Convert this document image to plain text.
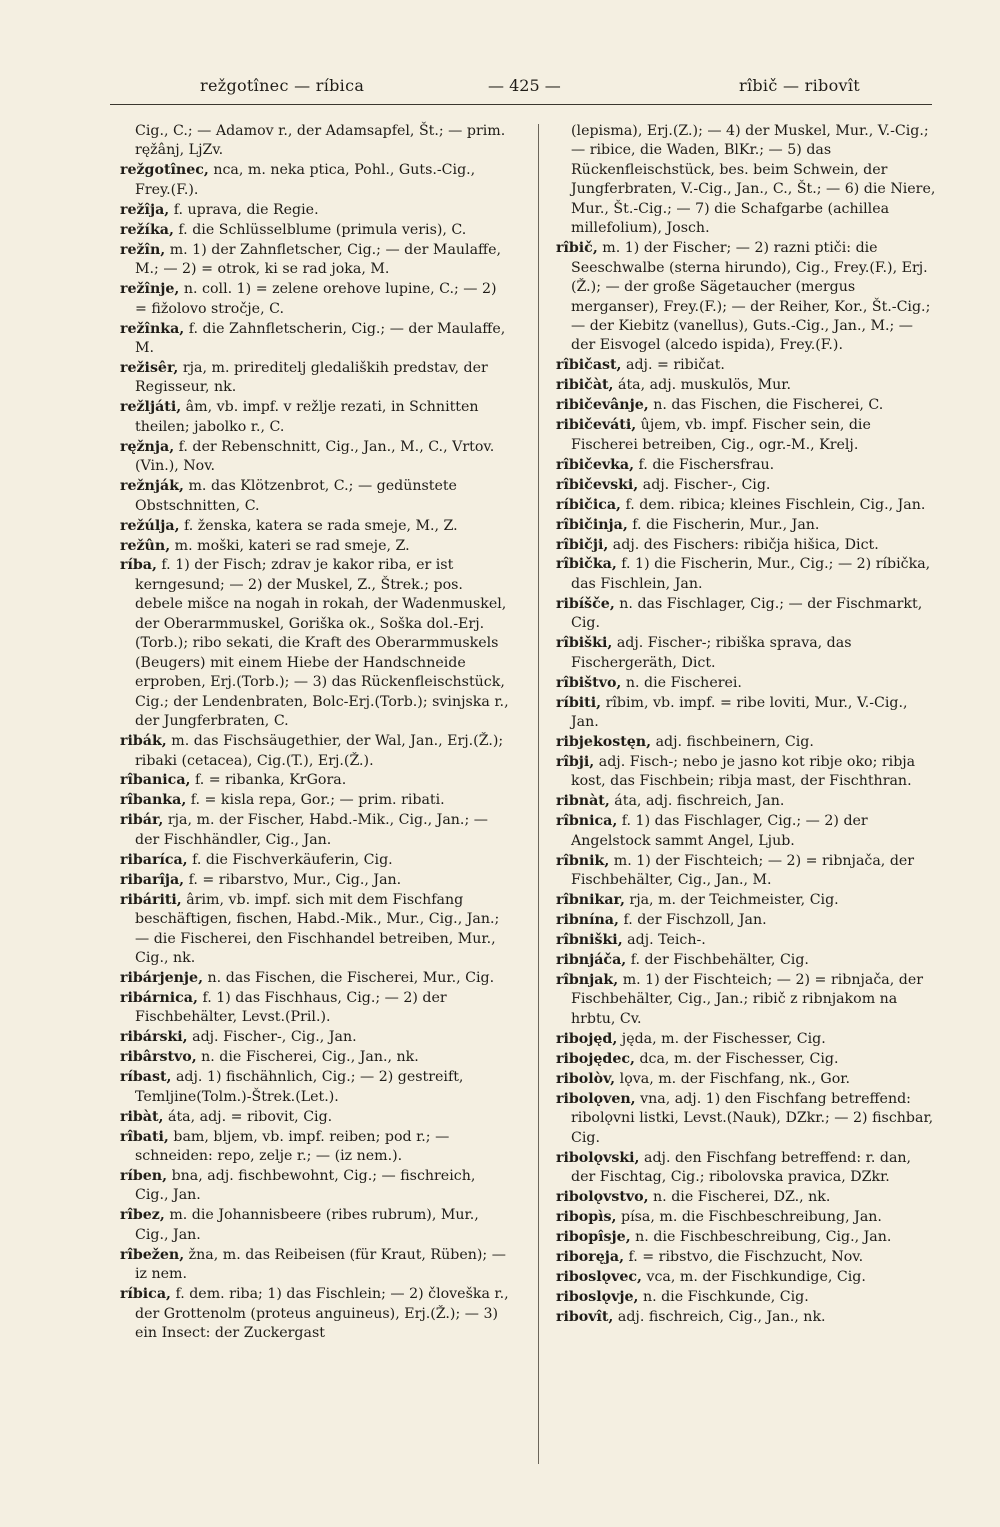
režgotînec — ríbica	— 425 —	rîbič — ribovît
Cig., C.; — Adamov r., der Adamsapfel, Št.; — prim. ręžânj, LjZv.
režgotînec, nca, m. neka ptica, Pohl., Guts.-Cig., Frey.(F.).
režîja, f. uprava, die Regie.
režíka, f. die Schlüsselblume (primula veris), C.
režîn, m. 1) der Zahnfletscher, Cig.; — der Maulaffe, M.; — 2) = otrok, ki se rad joka, M.
režînje, n. coll. 1) = zelene orehove lupine, C.; — 2) = fižolovo stročje, C.
režînka, f. die Zahnfletscherin, Cig.; — der Maulaffe, M.
režisêr, rja, m. prireditelj gledaliških predstav, der Regisseur, nk.
režljáti, âm, vb. impf. v režlje rezati, in Schnitten theilen; jabolko r., C.
ręžnja, f. der Rebenschnitt, Cig., Jan., M., C., Vrtov.(Vin.), Nov.
režnják, m. das Klötzenbrot, C.; — gedünstete Obstschnitten, C.
režúlja, f. ženska, katera se rada smeje, M., Z.
režûn, m. moški, kateri se rad smeje, Z.
ríba, f. 1) der Fisch; zdrav je kakor riba, er ist kerngesund; — 2) der Muskel, Z., Štrek.; pos. debele mišce na nogah in rokah, der Wadenmuskel, der Oberarmmuskel, Goriška ok., Soška dol.-Erj.(Torb.); ribo sekati, die Kraft des Oberarmmuskels (Beugers) mit einem Hiebe der Handschneide erproben, Erj.(Torb.); — 3) das Rückenfleischstück, Cig.; der Lendenbraten, Bolc-Erj.(Torb.); svinjska r., der Jungferbraten, C.
ribák, m. das Fischsäugethier, der Wal, Jan., Erj.(Ž.); ribaki (cetacea), Cig.(T.), Erj.(Ž.).
rîbanica, f. = ribanka, KrGora.
rîbanka, f. = kisla repa, Gor.; — prim. ribati.
ribár, rja, m. der Fischer, Habd.-Mik., Cig., Jan.; — der Fischhändler, Cig., Jan.
ribaríca, f. die Fischverkäuferin, Cig.
ribarîja, f. = ribarstvo, Mur., Cig., Jan.
ribáriti, ârim, vb. impf. sich mit dem Fischfang beschäftigen, fischen, Habd.-Mik., Mur., Cig., Jan.; — die Fischerei, den Fischhandel betreiben, Mur., Cig., nk.
ribárjenje, n. das Fischen, die Fischerei, Mur., Cig.
ribárnica, f. 1) das Fischhaus, Cig.; — 2) der Fischbehälter, Levst.(Pril.).
ribárski, adj. Fischer-, Cig., Jan.
ribârstvo, n. die Fischerei, Cig., Jan., nk.
ríbast, adj. 1) fischähnlich, Cig.; — 2) gestreift, Temljine(Tolm.)-Štrek.(Let.).
ribàt, áta, adj. = ribovit, Cig.
rîbati, bam, bljem, vb. impf. reiben; pod r.; — schneiden: repo, zelje r.; — (iz nem.).
ríben, bna, adj. fischbewohnt, Cig.; — fischreich, Cig., Jan.
rîbez, m. die Johannisbeere (ribes rubrum), Mur., Cig., Jan.
rîbežen, žna, m. das Reibeisen (für Kraut, Rüben); — iz nem.
ríbica, f. dem. riba; 1) das Fischlein; — 2) človeška r., der Grottenolm (proteus anguineus), Erj.(Ž.); — 3) ein Insect: der Zuckergast
(lepisma), Erj.(Z.); — 4) der Muskel, Mur., V.-Cig.; — ribice, die Waden, BlKr.; — 5) das Rückenfleischstück, bes. beim Schwein, der Jungferbraten, V.-Cig., Jan., C., Št.; — 6) die Niere, Mur., Št.-Cig.; — 7) die Schafgarbe (achillea millefolium), Josch.
rîbič, m. 1) der Fischer; — 2) razni ptiči: die Seeschwalbe (sterna hirundo), Cig., Frey.(F.), Erj.(Ž.); — der große Sägetaucher (mergus merganser), Frey.(F.); — der Reiher, Kor., Št.-Cig.; — der Kiebitz (vanellus), Guts.-Cig., Jan., M.; — der Eisvogel (alcedo ispida), Frey.(F.).
rîbičast, adj. = ribičat.
ribičàt, áta, adj. muskulös, Mur.
ribičevânje, n. das Fischen, die Fischerei, C.
ribičeváti, ûjem, vb. impf. Fischer sein, die Fischerei betreiben, Cig., ogr.-M., Krelj.
rîbičevka, f. die Fischersfrau.
rîbičevski, adj. Fischer-, Cig.
ríbičica, f. dem. ribica; kleines Fischlein, Cig., Jan.
rîbičinja, f. die Fischerin, Mur., Jan.
rîbičji, adj. des Fischers: ribičja hišica, Dict.
rîbička, f. 1) die Fischerin, Mur., Cig.; — 2) ríbička, das Fischlein, Jan.
ribíšče, n. das Fischlager, Cig.; — der Fischmarkt, Cig.
rîbiški, adj. Fischer-; ribiška sprava, das Fischergeräth, Dict.
rîbištvo, n. die Fischerei.
ríbiti, rîbim, vb. impf. = ribe loviti, Mur., V.-Cig., Jan.
ribjekostęn, adj. fischbeinern, Cig.
rîbji, adj. Fisch-; nebo je jasno kot ribje oko; ribja kost, das Fischbein; ribja mast, der Fischthran.
ribnàt, áta, adj. fischreich, Jan.
rîbnica, f. 1) das Fischlager, Cig.; — 2) der Angelstock sammt Angel, Ljub.
rîbnik, m. 1) der Fischteich; — 2) = ribnjača, der Fischbehälter, Cig., Jan., M.
rîbnikar, rja, m. der Teichmeister, Cig.
ribnína, f. der Fischzoll, Jan.
rîbniški, adj. Teich-.
ribnjáča, f. der Fischbehälter, Cig.
rîbnjak, m. 1) der Fischteich; — 2) = ribnjača, der Fischbehälter, Cig., Jan.; ribič z ribnjakom na hrbtu, Cv.
ribojęd, jęda, m. der Fischesser, Cig.
ribojędec, dca, m. der Fischesser, Cig.
ribolòv, lǫva, m. der Fischfang, nk., Gor.
ribolǫven, vna, adj. 1) den Fischfang betreffend: ribolǫvni listki, Levst.(Nauk), DZkr.; — 2) fischbar, Cig.
ribolǫvski, adj. den Fischfang betreffend: r. dan, der Fischtag, Cig.; ribolovska pravica, DZkr.
ribolǫvstvo, n. die Fischerei, DZ., nk.
ribopìs, písa, m. die Fischbeschreibung, Jan.
ribopîsje, n. die Fischbeschreibung, Cig., Jan.
riboręja, f. = ribstvo, die Fischzucht, Nov.
riboslǫvec, vca, m. der Fischkundige, Cig.
riboslǫvje, n. die Fischkunde, Cig.
ribovît, adj. fischreich, Cig., Jan., nk.
